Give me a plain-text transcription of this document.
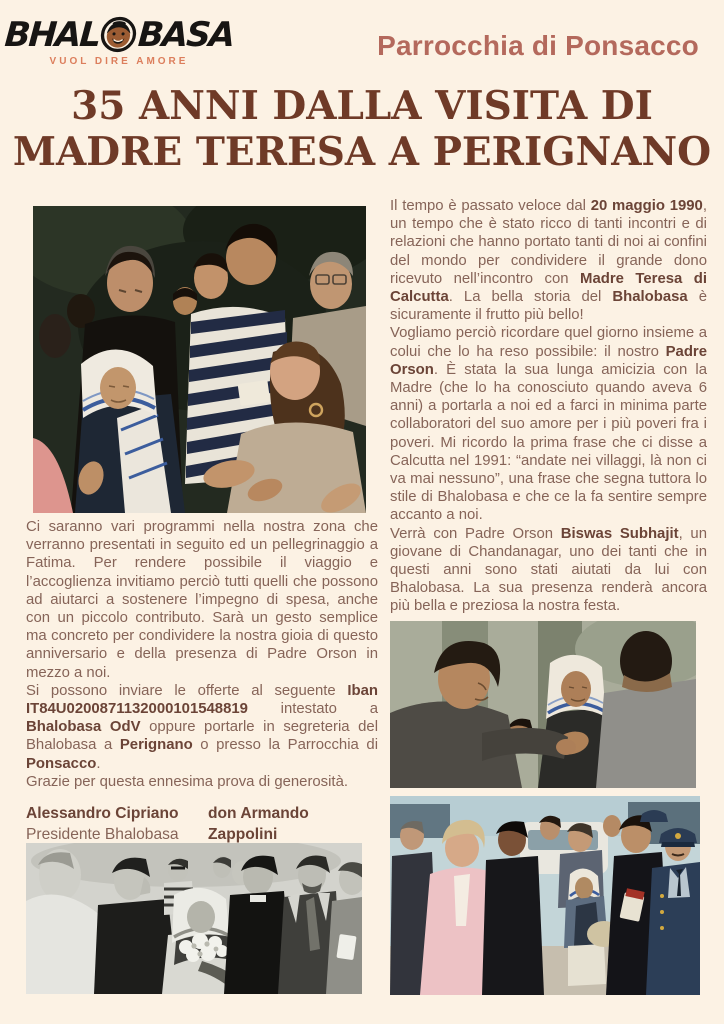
BHAL BASA
VUOL DIRE AMORE
Parrocchia di Ponsacco
35 ANNI DALLA VISITA DI
MADRE TERESA A PERIGNANO

Il tempo è passato veloce dal 20 maggio 1990, un tempo che è stato ricco di tanti incontri e di relazioni che hanno portato tanti di noi ai confini del mondo per condividere il grande dono ricevuto nell’incontro con Madre Teresa di Calcutta. La bella storia del Bhalobasa è sicuramente il frutto più bello!

Vogliamo perciò ricordare quel giorno insieme a colui che lo ha reso possibile: il nostro Padre Orson. È stata la sua lunga amicizia con la Madre (che lo ha conosciuto quando aveva 6 anni) a portarla a noi ed a farci in minima parte collaboratori del suo amore per i più poveri fra i poveri. Mi ricordo la prima frase che ci disse a Calcutta nel 1991: “andate nei villaggi, là non ci va mai nessuno”, una frase che segna tuttora lo stile di Bhalobasa e che ce la fa sentire sempre accanto a noi.

Verrà con Padre Orson Biswas Subhajit, un giovane di Chandanagar, uno dei tanti che in questi anni sono stati aiutati da lui con Bhalobasa. La sua presenza renderà ancora più bella e preziosa la nostra festa.

Ci saranno vari programmi nella nostra zona che verranno presentati in seguito ed un pellegrinaggio a Fatima. Per rendere possibile il viaggio e l’accoglienza invitiamo perciò tutti quelli che possono ad aiutarci a sostenere l’impegno di spesa, anche con un piccolo contributo. Sarà un gesto semplice ma concreto per condividere la nostra gioia di questo anniversario e della presenza di Padre Orson in mezzo a noi.

Si possono inviare le offerte al seguente Iban IT84U0200871132000101548819 intestato a Bhalobasa OdV oppure portarle in segreteria del Bhalobasa a Perignano o presso la Parrocchia di Ponsacco.

Grazie per questa ennesima prova di generosità.

Alessandro Cipriano
Presidente Bhalobasa
don Armando Zappolini
